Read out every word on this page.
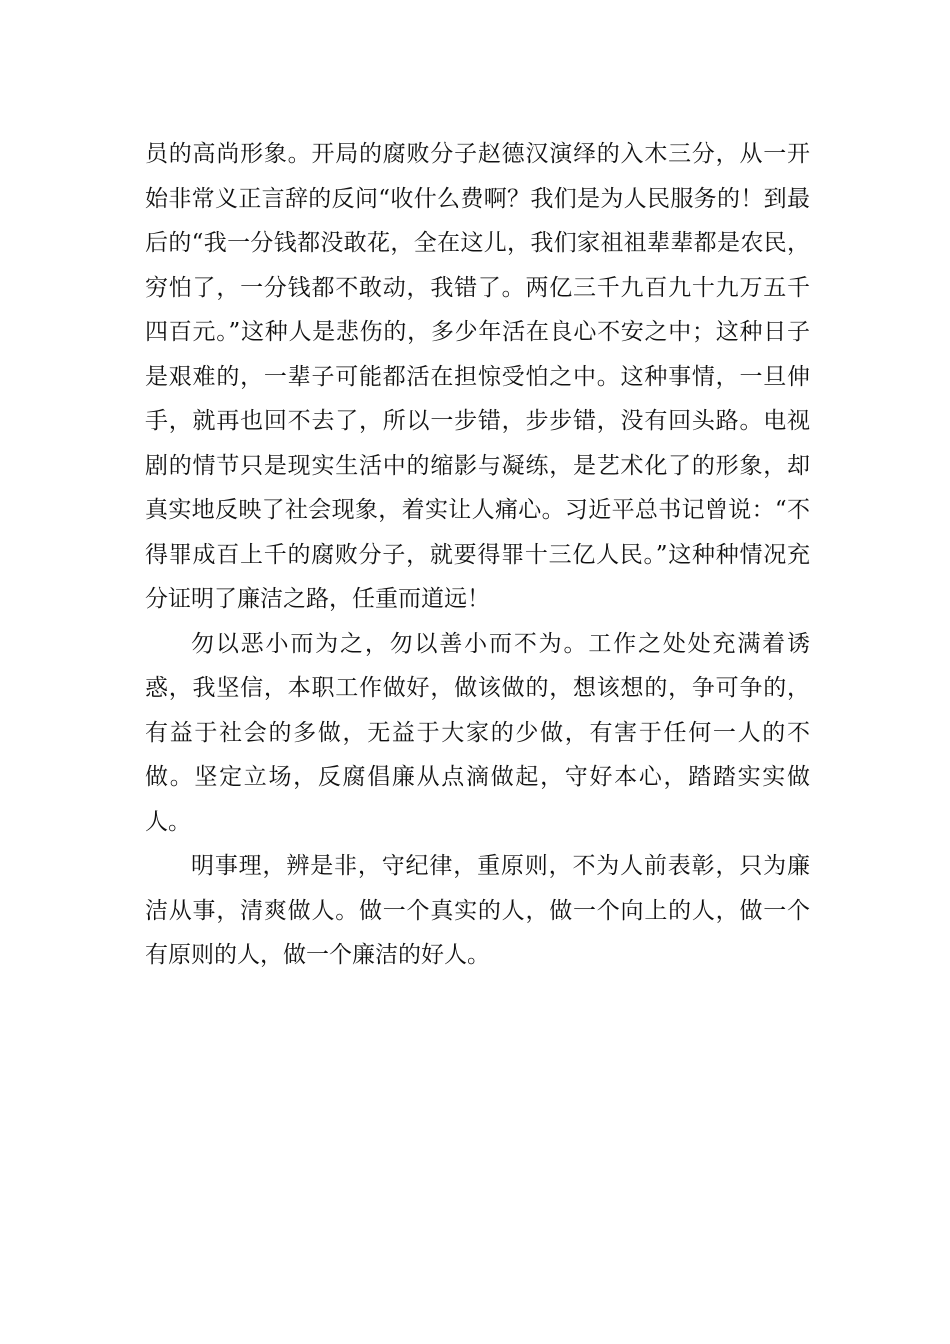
员的高尚形象。开局的腐败分子赵德汉演绎的入木三分，从一开始非常义正言辞的反问“收什么费啊？我们是为人民服务的！到最后的“我一分钱都没敢花，全在这儿，我们家祖祖辈辈都是农民，穷怕了，一分钱都不敢动，我错了。两亿三千九百九十九万五千四百元。”这种人是悲伤的，多少年活在良心不安之中；这种日子是艰难的，一辈子可能都活在担惊受怕之中。这种事情，一旦伸手，就再也回不去了，所以一步错，步步错，没有回头路。电视剧的情节只是现实生活中的缩影与凝练，是艺术化了的形象，却真实地反映了社会现象，着实让人痛心。习近平总书记曾说：“不得罪成百上千的腐败分子，就要得罪十三亿人民。”这种种情况充分证明了廉洁之路，任重而道远！

勿以恶小而为之，勿以善小而不为。工作之处处充满着诱惑，我坚信，本职工作做好，做该做的，想该想的，争可争的，有益于社会的多做，无益于大家的少做，有害于任何一人的不做。坚定立场，反腐倡廉从点滴做起，守好本心，踏踏实实做人。

明事理，辨是非，守纪律，重原则，不为人前表彰，只为廉洁从事，清爽做人。做一个真实的人，做一个向上的人，做一个有原则的人，做一个廉洁的好人。
